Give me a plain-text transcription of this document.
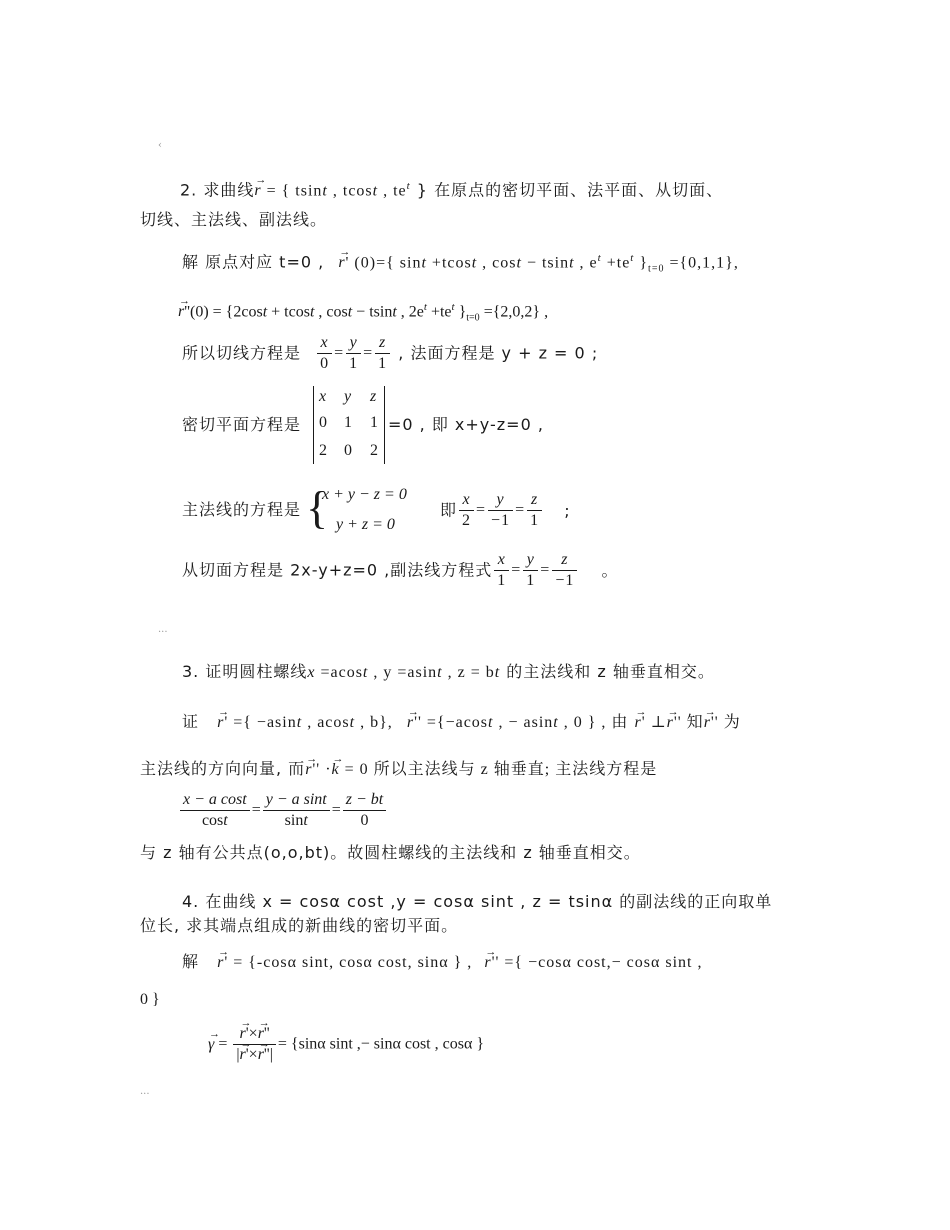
‹
...
...
2. 求曲线→ r = { tsint , tcost , $te^t$ } 在原点的密切平面、法平面、从切面、
切线、主法线、副法线。
解 原点对应 t=0 , → r' (0)={ sint +tcost , cost − tsint , $e^t +te^t$ }$_{t=0} =\{0,1,1\}$,
→ r''(0) = {2cost + tcost , cost − tsint , $2e^t +te^t$ }$_{t=0} =\{2,0,2\}$ ,
所以切线方程是 $\frac{x}{0} = \frac{y}{1} = \frac{z}{1}$ , 法面方程是 y + z = 0 ;
密切平面方程是
x y z
0 1 1
2 0 2
=0 , 即 x+y-z=0 ,
主法线的方程是 {
x + y − z = 0
y + z = 0
即 $\frac{x}{2} = \frac{y}{-1} = \frac{z}{1}$ ;
从切面方程是 2x-y+z=0 ,副法线方程式 $\frac{x}{1} = \frac{y}{1} = \frac{z}{-1}$ 。
3. 证明圆柱螺线x =acost , y =asint , z = bt 的主法线和 z 轴垂直相交。
证 → r' ={ −asint , acost , b}, → r'' ={−acost , − asint , 0 } , 由 → r' ⊥→ r'' 知→ r'' 为
主法线的方向向量, 而→ r'' ·→ k = 0 所以主法线与 z 轴垂直; 主法线方程是
$\frac{\text{x − a cost}}{\cos t} = \frac{\text{y − a sint}}{\sin t} = \frac{z - bt}{0}$
与 z 轴有公共点(o,o,bt)。故圆柱螺线的主法线和 z 轴垂直相交。
4. 在曲线 x = cosα cost ,y = cosα sint , z = tsinα 的副法线的正向取单
位长, 求其端点组成的新曲线的密切平面。
解 → r' = {-cosα sint, cosα cost, sinα } , → r'' ={ −cosα cost,− cosα sint ,
0 }
→ γ = → $\frac{r'\times\to r''}{|\to r'\times\to r''|} = \{\sin\alpha$ sint ,− sinα cost , cosα }
